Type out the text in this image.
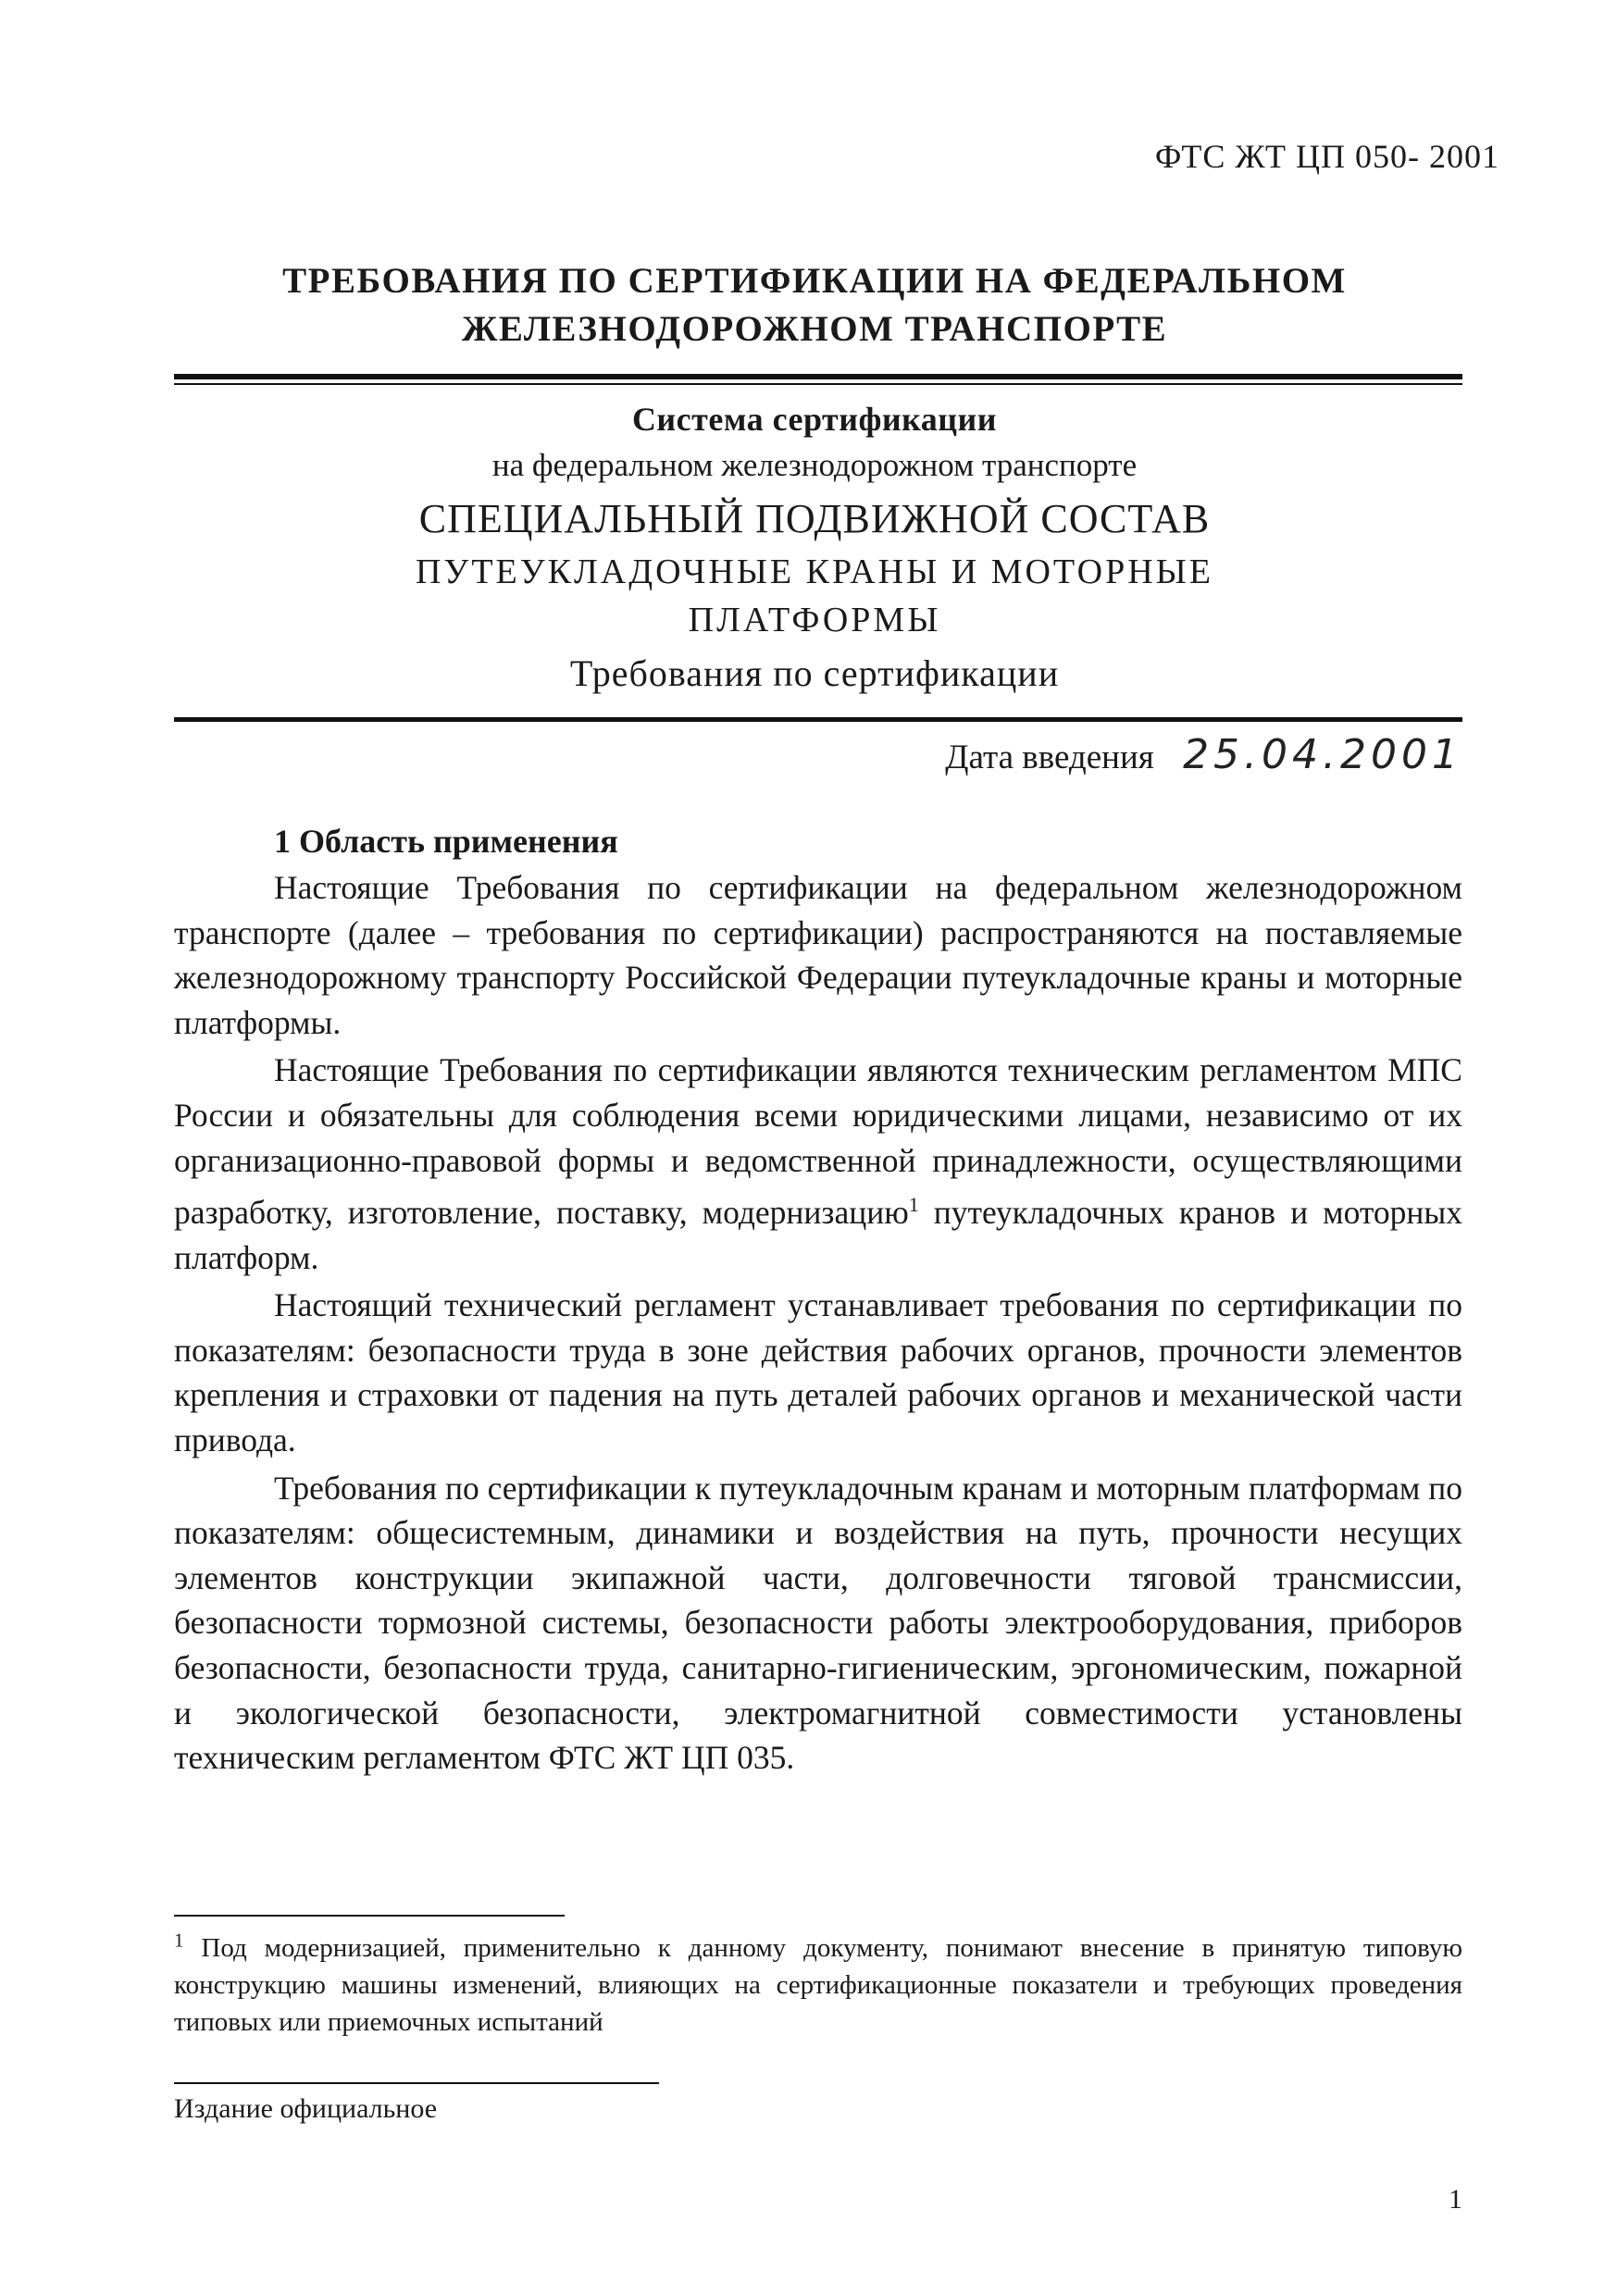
ФТС ЖТ ЦП 050- 2001
ТРЕБОВАНИЯ ПО СЕРТИФИКАЦИИ НА ФЕДЕРАЛЬНОМ
ЖЕЛЕЗНОДОРОЖНОМ ТРАНСПОРТЕ
Система сертификации
на федеральном железнодорожном транспорте
СПЕЦИАЛЬНЫЙ ПОДВИЖНОЙ СОСТАВ
ПУТЕУКЛАДОЧНЫЕ КРАНЫ И МОТОРНЫЕ
ПЛАТФОРМЫ
Требования по сертификации
Дата введения 25.04.2001
1 Область применения

Настоящие Требования по сертификации на федеральном железнодорожном транспорте (далее – требования по сертификации) распространяются на поставляемые железнодорожному транспорту Российской Федерации путеукладочные краны и моторные платформы.

Настоящие Требования по сертификации являются техническим регламентом МПС России и обязательны для соблюдения всеми юридическими лицами, независимо от их организационно-правовой формы и ведомственной принадлежности, осуществляющими разработку, изготовление, поставку, модернизацию$^1$ путеукладочных кранов и моторных платформ.

Настоящий технический регламент устанавливает требования по сертификации по показателям: безопасности труда в зоне действия рабочих органов, прочности элементов крепления и страховки от падения на путь деталей рабочих органов и механической части привода.

Требования по сертификации к путеукладочным кранам и моторным платформам по показателям: общесистемным, динамики и воздействия на путь, прочности несущих элементов конструкции экипажной части, долговечности тяговой трансмиссии, безопасности тормозной системы, безопасности работы электрооборудования, приборов безопасности, безопасности труда, санитарно-гигиеническим, эргономическим, пожарной и экологической безопасности, электромагнитной совместимости установлены техническим регламентом ФТС ЖТ ЦП 035.

$^1$ Под модернизацией, применительно к данному документу, понимают внесение в принятую типовую конструкцию машины изменений, влияющих на сертификационные показатели и требующих проведения типовых или приемочных испытаний
Издание официальное
1
